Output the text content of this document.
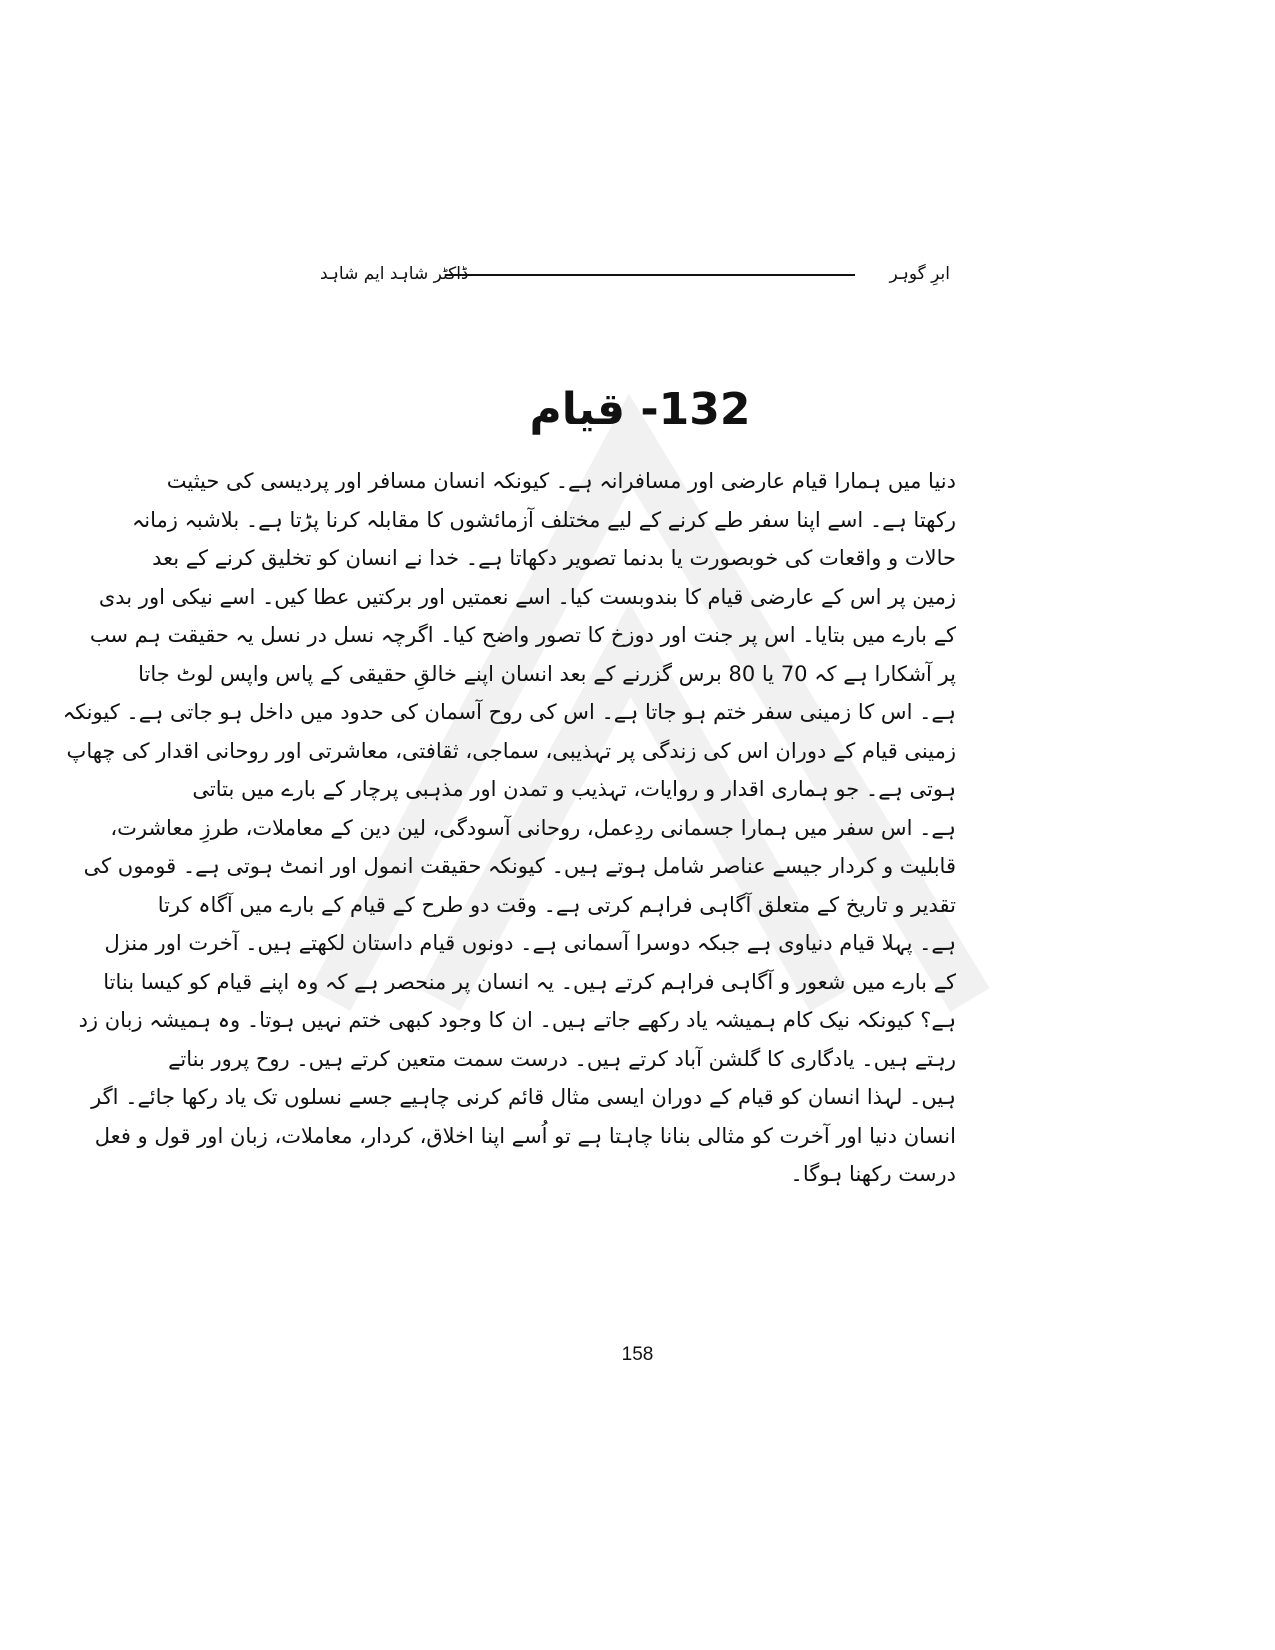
ابرِ گوہر
ڈاکٹر شاہد ایم شاہد
132- قیام
دنیا میں ہمارا قیام عارضی اور مسافرانہ ہے۔ کیونکہ انسان مسافر اور پردیسی کی حیثیت
رکھتا ہے۔ اسے اپنا سفر طے کرنے کے لیے مختلف آزمائشوں کا مقابلہ کرنا پڑتا ہے۔ بلاشبہ زمانہ
حالات و واقعات کی خوبصورت یا بدنما تصویر دکھاتا ہے۔ خدا نے انسان کو تخلیق کرنے کے بعد
زمین پر اس کے عارضی قیام کا بندوبست کیا۔ اسے نعمتیں اور برکتیں عطا کیں۔ اسے نیکی اور بدی
کے بارے میں بتایا۔ اس پر جنت اور دوزخ کا تصور واضح کیا۔ اگرچہ نسل در نسل یہ حقیقت ہم سب
پر آشکارا ہے کہ 70 یا 80 برس گزرنے کے بعد انسان اپنے خالقِ حقیقی کے پاس واپس لوٹ جاتا
ہے۔ اس کا زمینی سفر ختم ہو جاتا ہے۔ اس کی روح آسمان کی حدود میں داخل ہو جاتی ہے۔ کیونکہ
زمینی قیام کے دوران اس کی زندگی پر تہذیبی، سماجی، ثقافتی، معاشرتی اور روحانی اقدار کی چھاپ
ہوتی ہے۔ جو ہماری اقدار و روایات، تہذیب و تمدن اور مذہبی پرچار کے بارے میں بتاتی
ہے۔ اس سفر میں ہمارا جسمانی ردِعمل، روحانی آسودگی، لین دین کے معاملات، طرزِ معاشرت،
قابلیت و کردار جیسے عناصر شامل ہوتے ہیں۔ کیونکہ حقیقت انمول اور انمٹ ہوتی ہے۔ قوموں کی
تقدیر و تاریخ کے متعلق آگاہی فراہم کرتی ہے۔ وقت دو طرح کے قیام کے بارے میں آگاہ کرتا
ہے۔ پہلا قیام دنیاوی ہے جبکہ دوسرا آسمانی ہے۔ دونوں قیام داستان لکھتے ہیں۔ آخرت اور منزل
کے بارے میں شعور و آگاہی فراہم کرتے ہیں۔ یہ انسان پر منحصر ہے کہ وہ اپنے قیام کو کیسا بناتا
ہے؟ کیونکہ نیک کام ہمیشہ یاد رکھے جاتے ہیں۔ ان کا وجود کبھی ختم نہیں ہوتا۔ وہ ہمیشہ زبان زد
رہتے ہیں۔ یادگاری کا گلشن آباد کرتے ہیں۔ درست سمت متعین کرتے ہیں۔ روح پرور بناتے
ہیں۔ لہذا انسان کو قیام کے دوران ایسی مثال قائم کرنی چاہیے جسے نسلوں تک یاد رکھا جائے۔ اگر
انسان دنیا اور آخرت کو مثالی بنانا چاہتا ہے تو اُسے اپنا اخلاق، کردار، معاملات، زبان اور قول و فعل
درست رکھنا ہوگا۔
158
